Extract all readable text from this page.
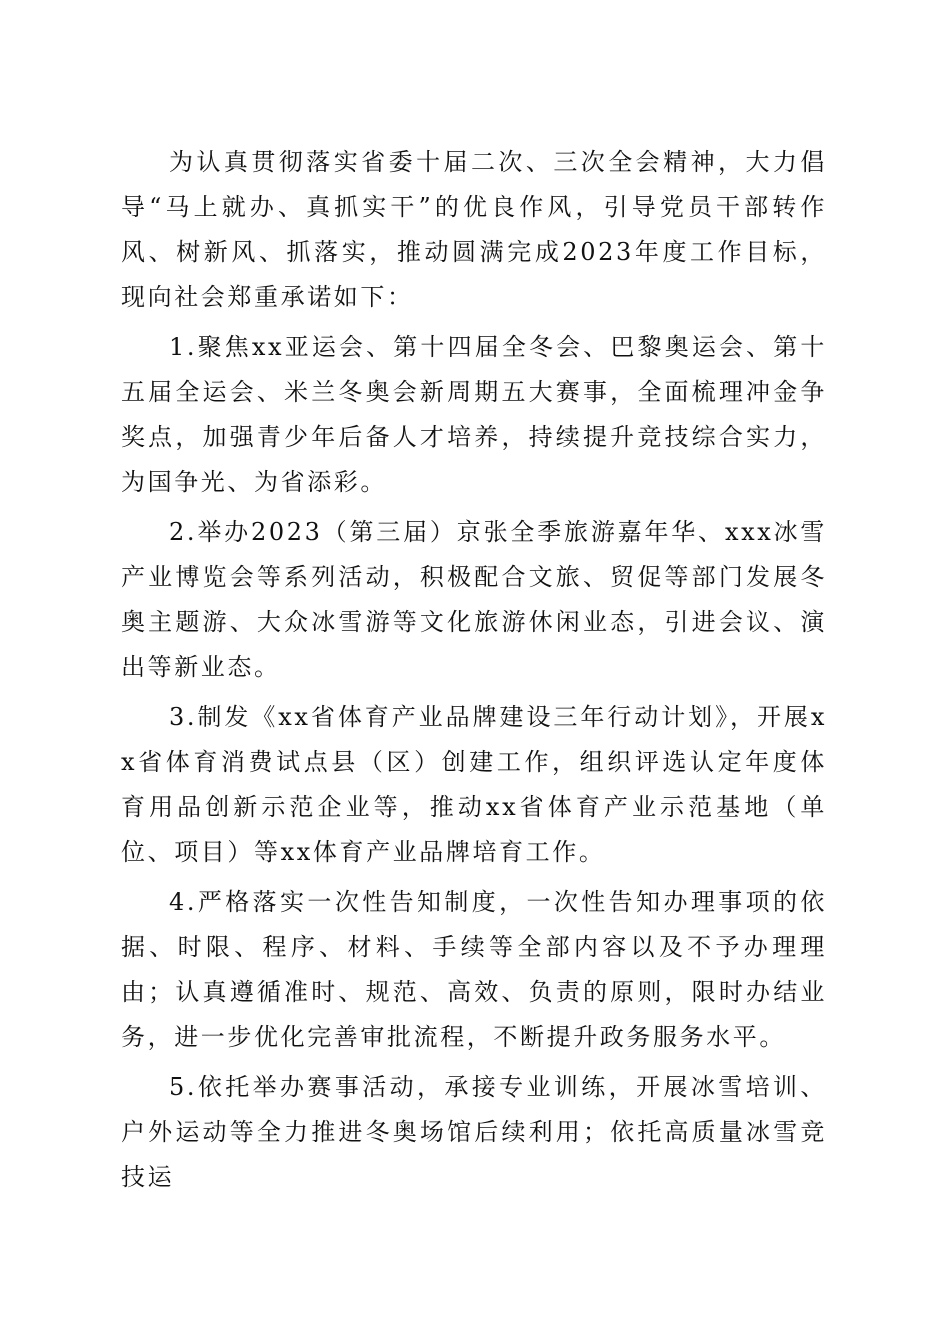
为认真贯彻落实省委十届二次、三次全会精神，大力倡导“马上就办、真抓实干”的优良作风，引导党员干部转作风、树新风、抓落实，推动圆满完成2023年度工作目标，现向社会郑重承诺如下：

1.聚焦xx亚运会、第十四届全冬会、巴黎奥运会、第十五届全运会、米兰冬奥会新周期五大赛事，全面梳理冲金争奖点，加强青少年后备人才培养，持续提升竞技综合实力，为国争光、为省添彩。

2.举办2023（第三届）京张全季旅游嘉年华、xxx冰雪产业博览会等系列活动，积极配合文旅、贸促等部门发展冬奥主题游、大众冰雪游等文化旅游休闲业态，引进会议、演出等新业态。

3.制发《xx省体育产业品牌建设三年行动计划》，开展xx省体育消费试点县（区）创建工作，组织评选认定年度体育用品创新示范企业等，推动xx省体育产业示范基地（单位、项目）等xx体育产业品牌培育工作。

4.严格落实一次性告知制度，一次性告知办理事项的依据、时限、程序、材料、手续等全部内容以及不予办理理由；认真遵循准时、规范、高效、负责的原则，限时办结业务，进一步优化完善审批流程，不断提升政务服务水平。

5.依托举办赛事活动，承接专业训练，开展冰雪培训、户外运动等全力推进冬奥场馆后续利用；依托高质量冰雪竞技运
